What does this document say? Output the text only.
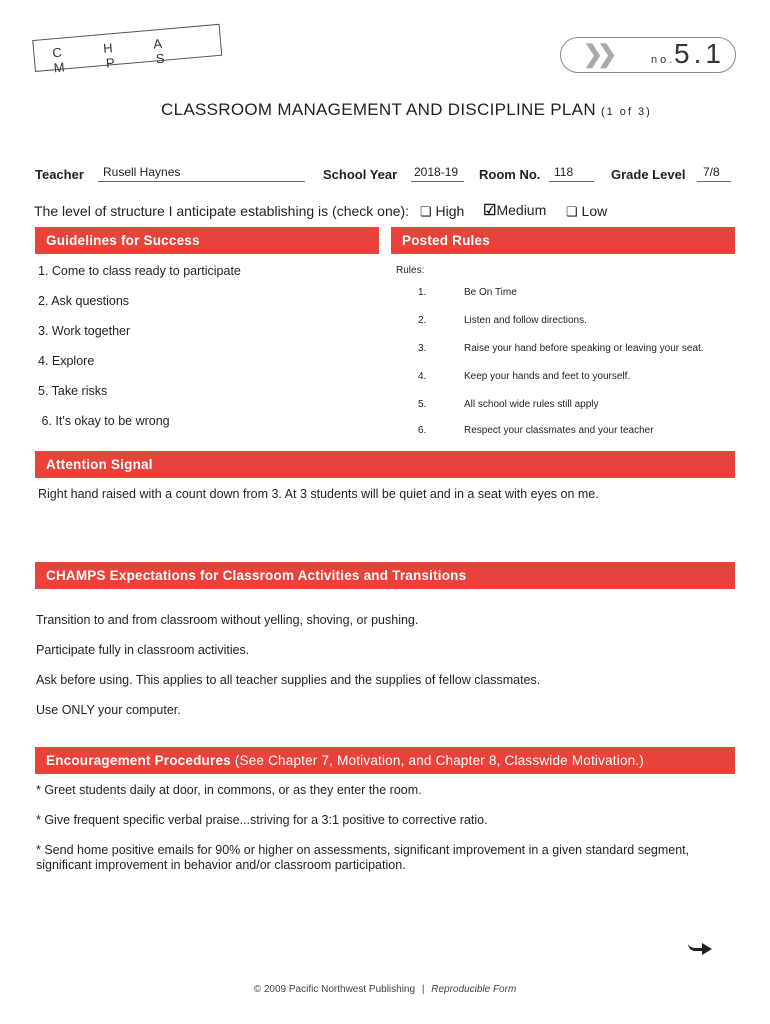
C H A M P S	❯❯	no.
5.1
CLASSROOM MANAGEMENT AND DISCIPLINE PLAN (1 of 3)
Teacher	Rusell Haynes	School Year 2018-19	Room No.	118	Grade Level	7/8
The level of structure I anticipate establishing is (check one): ❏ High ☑Medium ❏ Low
Guidelines for Success	Posted Rules
1. Come to class ready to participate
2. Ask questions
3. Work together
4. Explore
5. Take risks
6. It's okay to be wrong
Rules:
1.	Be On Time
2.	Listen and follow directions.
3.	Raise your hand before speaking or leaving your seat.
4.	Keep your hands and feet to yourself.
5.	All school wide rules still apply
6.	Respect your classmates and your teacher
Attention Signal
Right hand raised with a count down from 3. At 3 students will be quiet and in a seat with eyes on me.
CHAMPS Expectations for Classroom Activities and Transitions
Transition to and from classroom without yelling, shoving, or pushing.
Participate fully in classroom activities.
Ask before using. This applies to all teacher supplies and the supplies of fellow classmates.
Use ONLY your computer.
Encouragement Procedures (See Chapter 7, Motivation, and Chapter 8, Classwide Motivation.)
* Greet students daily at door, in commons, or as they enter the room.
* Give frequent specific verbal praise...striving for a 3:1 positive to corrective ratio.
* Send home positive emails for 90% or higher on assessments, significant improvement in a given standard segment,
significant improvement in behavior and/or classroom participation.
© 2009 Pacific Northwest Publishing | Reproducible Form
